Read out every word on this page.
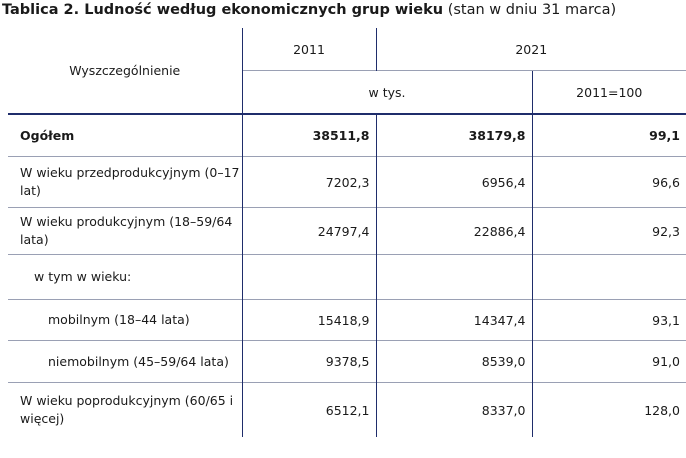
Tablica 2. Ludność według ekonomicznych grup wieku (stan w dniu 31 marca)
Wyszczególnienie	2011	2021	
	w tys.		2011=100
Ogółem	38511,8	38179,8	99,1
W wieku przedprodukcyjnym (0–17 lat)	7202,3	6956,4	96,6
W wieku produkcyjnym (18–59/64 lata)	24797,4	22886,4	92,3
w tym w wieku:			
mobilnym (18–44 lata)	15418,9	14347,4	93,1
niemobilnym (45–59/64 lata)	9378,5	8539,0	91,0
W wieku poprodukcyjnym (60/65 i więcej)	6512,1	8337,0	128,0
